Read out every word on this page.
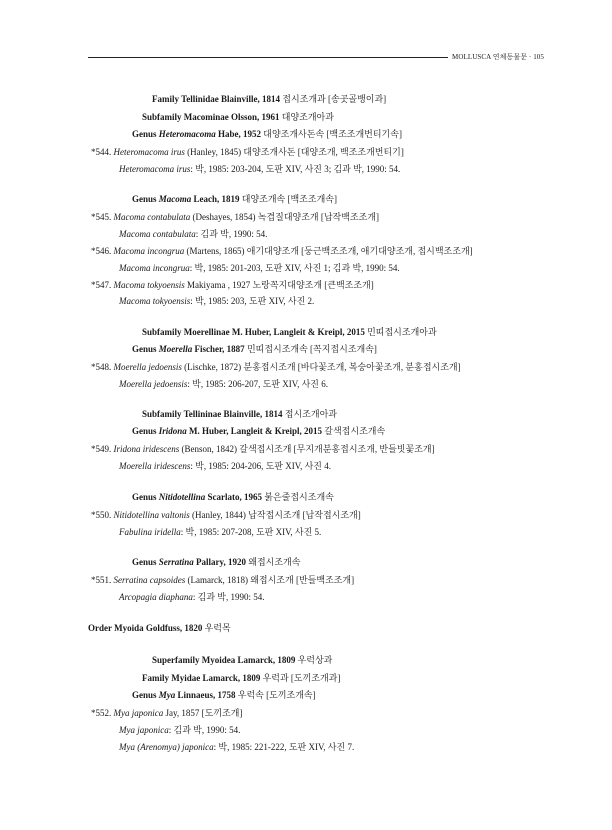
MOLLUSCA 연체동물문 · 105
Family Tellinidae Blainville, 1814 접시조개과 [송곳골뱅이과]
Subfamily Macominae Olsson, 1961 대양조개아과
Genus Heteromacoma Habe, 1952 대양조개사돈속 [백조조개번티기속]
*544. Heteromacoma irus (Hanley, 1845) 대양조개사돈 [대양조개, 백조조개번티기]
Heteromacoma irus: 박, 1985: 203-204, 도판 XIV, 사진 3; 김과 박, 1990: 54.
Genus Macoma Leach, 1819 대양조개속 [백조조개속]
*545. Macoma contabulata (Deshayes, 1854) 녹겹질대양조개 [납작백조조개]
Macoma contabulata: 김과 박, 1990: 54.
*546. Macoma incongrua (Martens, 1865) 애기대양조개 [둥근백조조개, 애기대양조개, 접시백조조개]
Macoma incongrua: 박, 1985: 201-203, 도판 XIV, 사진 1; 김과 박, 1990: 54.
*547. Macoma tokyoensis Makiyama , 1927 노랑꼭지대양조개 [큰백조조개]
Macoma tokyoensis: 박, 1985: 203, 도판 XIV, 사진 2.
Subfamily Moerellinae M. Huber, Langleit & Kreipl, 2015 민띠접시조개아과
Genus Moerella Fischer, 1887 민띠접시조개속 [꼭지접시조개속]
*548. Moerella jedoensis (Lischke, 1872) 분홍접시조개 [바다꽃조개, 복숭아꽃조개, 분홍접시조개]
Moerella jedoensis: 박, 1985: 206-207, 도판 XIV, 사진 6.
Subfamily Tellininae Blainville, 1814 접시조개아과
Genus Iridona M. Huber, Langleit & Kreipl, 2015 갈색접시조개속
*549. Iridona iridescens (Benson, 1842) 갈색접시조개 [무지개분홍접시조개, 반들빗꽃조개]
Moerella iridescens: 박, 1985: 204-206, 도판 XIV, 사진 4.
Genus Nitidotellina Scarlato, 1965 붉은줄접시조개속
*550. Nitidotellina valtonis (Hanley, 1844) 납작접시조개 [납작접시조개]
Fabulina iridella: 박, 1985: 207-208, 도판 XIV, 사진 5.
Genus Serratina Pallary, 1920 왜접시조개속
*551. Serratina capsoides (Lamarck, 1818) 왜접시조개 [반들백조조개]
Arcopagia diaphana: 김과 박, 1990: 54.
Order Myoida Goldfuss, 1820 우럭목
Superfamily Myoidea Lamarck, 1809 우럭상과
Family Myidae Lamarck, 1809 우럭과 [도끼조개과]
Genus Mya Linnaeus, 1758 우럭속 [도끼조개속]
*552. Mya japonica Jay, 1857 [도끼조개]
Mya japonica: 김과 박, 1990: 54.
Mya (Arenomya) japonica: 박, 1985: 221-222, 도판 XIV, 사진 7.
